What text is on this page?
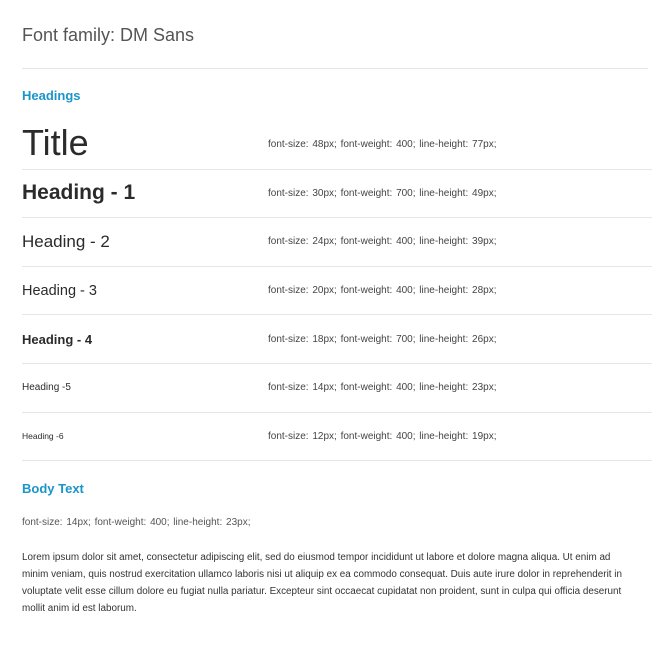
Font family: DM Sans
Headings
Title	font-size: 48px; font-weight: 400; line-height: 77px;
Heading - 1	font-size: 30px; font-weight: 700; line-height: 49px;
Heading - 2	font-size: 24px; font-weight: 400; line-height: 39px;
Heading - 3	font-size: 20px; font-weight: 400; line-height: 28px;
Heading - 4	font-size: 18px; font-weight: 700; line-height: 26px;
Heading -5	font-size: 14px; font-weight: 400; line-height: 23px;
Heading -6	font-size: 12px; font-weight: 400; line-height: 19px;
Body Text
font-size: 14px; font-weight: 400; line-height: 23px;

Lorem ipsum dolor sit amet, consectetur adipiscing elit, sed do eiusmod tempor incididunt ut labore et dolore magna aliqua. Ut enim ad minim veniam, quis nostrud exercitation ullamco laboris nisi ut aliquip ex ea commodo consequat. Duis aute irure dolor in reprehenderit in voluptate velit esse cillum dolore eu fugiat nulla pariatur. Excepteur sint occaecat cupidatat non proident, sunt in culpa qui officia deserunt mollit anim id est laborum.
